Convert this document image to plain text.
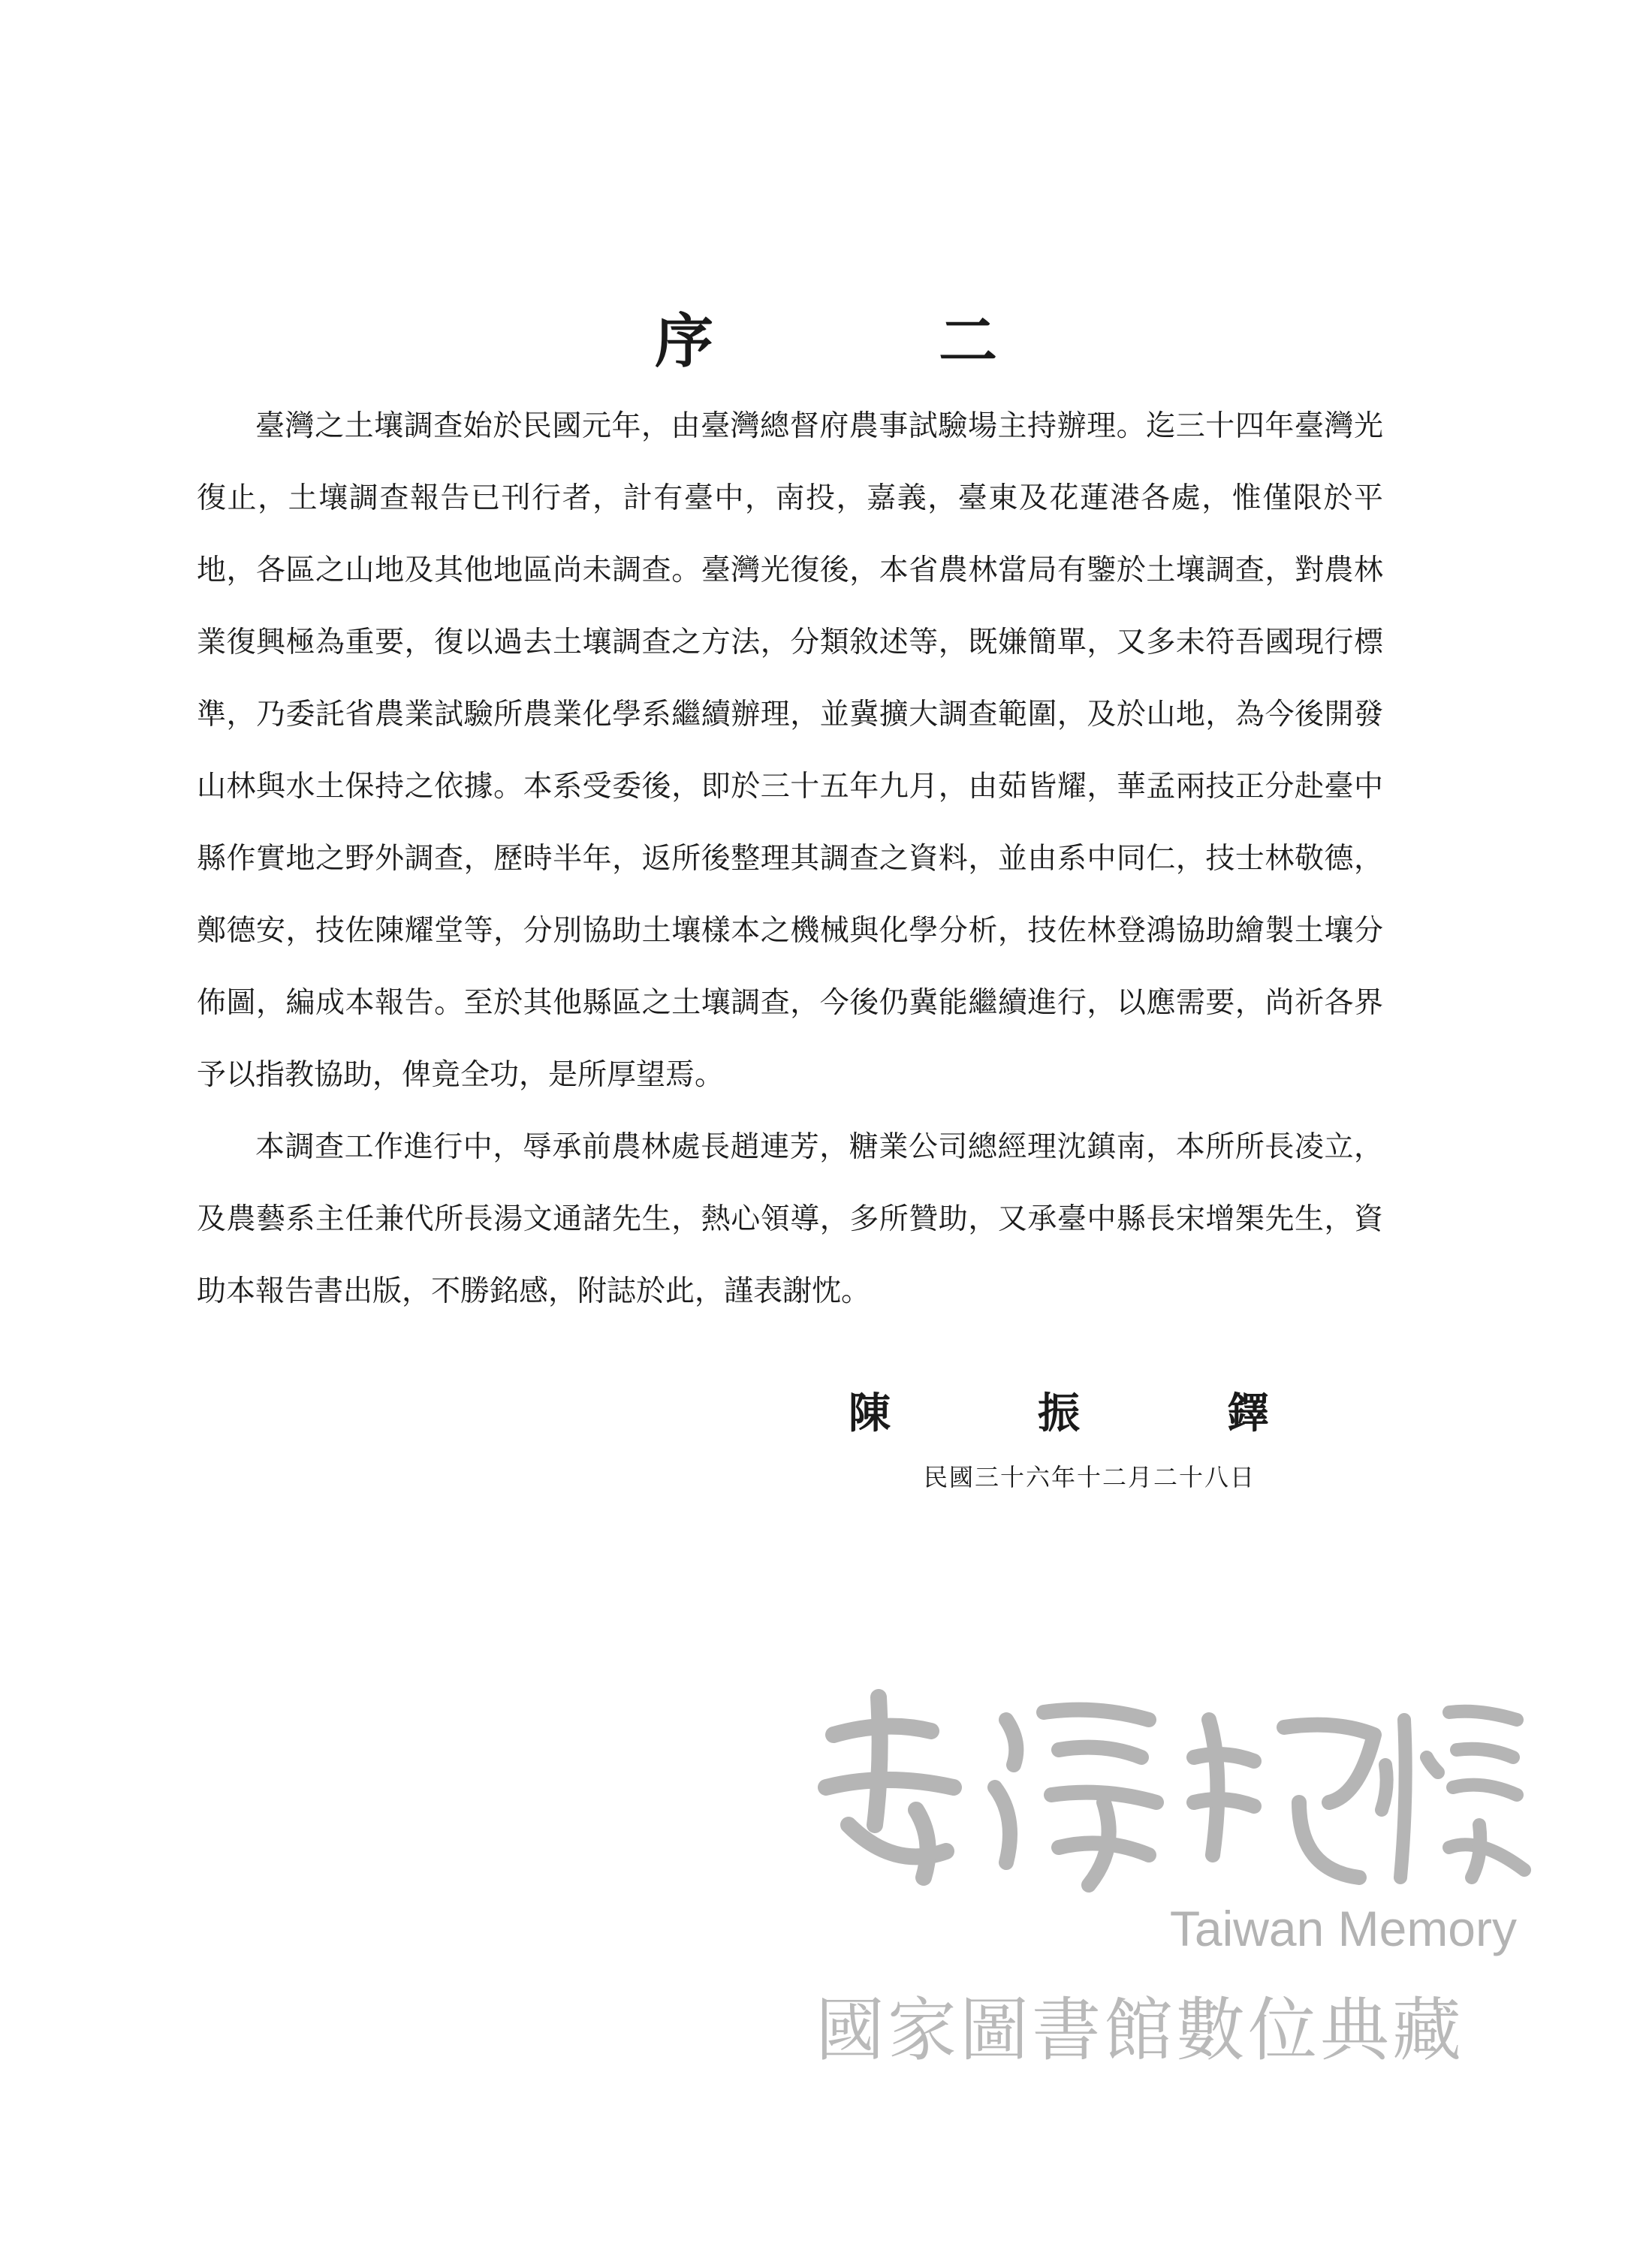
序	二

臺灣之土壤調查始於民國元年，由臺灣總督府農事試驗場主持辦理。迄三十四年臺灣光復止，土壤調查報告已刊行者，計有臺中，南投，嘉義，臺東及花蓮港各處，惟僅限於平地，各區之山地及其他地區尚未調查。臺灣光復後，本省農林當局有鑒於土壤調查，對農林業復興極為重要，復以過去土壤調查之方法，分類敘述等，既嫌簡單，又多未符吾國現行標準，乃委託省農業試驗所農業化學系繼續辦理，並冀擴大調查範圍，及於山地，為今後開發山林與水土保持之依據。本系受委後，即於三十五年九月，由茹皆耀，華孟兩技正分赴臺中縣作實地之野外調查，歷時半年，返所後整理其調查之資料，並由系中同仁，技士林敬德，鄭德安，技佐陳耀堂等，分別協助土壤樣本之機械與化學分析，技佐林登鴻協助繪製土壤分佈圖，編成本報告。至於其他縣區之土壤調查，今後仍冀能繼續進行，以應需要，尚祈各界予以指教協助，俾竟全功，是所厚望焉。

本調查工作進行中，辱承前農林處長趙連芳，糖業公司總經理沈鎮南，本所所長凌立，及農藝系主任兼代所長湯文通諸先生，熱心領導，多所贊助，又承臺中縣長宋增榘先生，資助本報告書出版，不勝銘感，附誌於此，謹表謝忱。

陳	振	鐸
民國三十六年十二月二十八日
Taiwan Memory
國家圖書館數位典藏
